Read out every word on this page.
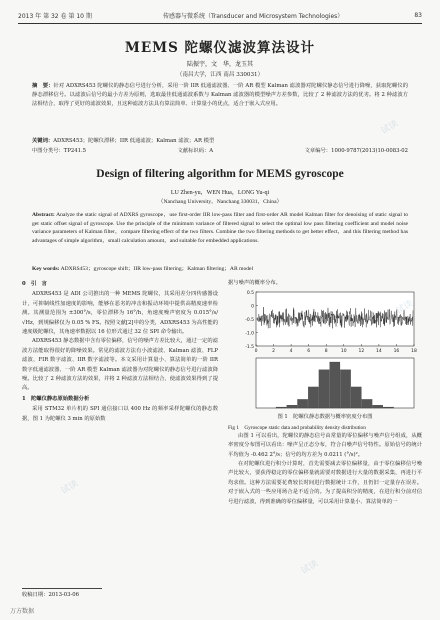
2013 年 第 32 卷 第 10 期	传感器与微系统（Transducer and Microsystem Technologies）	83
MEMS 陀螺仪滤波算法设计
陆振宇，文　华，龙玉其
（南昌大学，江西 南昌 330031）
摘　要：针对 ADXRS453 陀螺仪的静态信号进行分析，采用一阶 IIR 低通滤波器、一阶 AR 模型 Kalman 滤波器对陀螺仪静态信号进行降噪，获取陀螺仪的静态漂移信号。以滤波后信号的最小方差为原则，选取最佳低通滤波系数与 Kalman 滤波器的模型噪声方差参数，比较了 2 种滤波方法的优劣。将 2 种滤波方法相结合，取得了更好的滤波效果，且这种滤波方法具有算法简单、计算量小的优点，适合于嵌入式应用。
关键词：ADXRS453；陀螺仪漂移；IIR 低通滤波；Kalman 滤波；AR 模型
中图分类号：TP241.5	文献标识码：A	文章编号：1000-9787(2013)10-0083-02
Design of filtering algorithm for MEMS gyroscope
LU Zhen-yu，WEN Hua，LONG Yu-qi
（Nanchang University，Nanchang 330031，China）
Abstract: Analyze the static signal of ADXRS gyroscope，use first-order IIR low-pass filter and first-order AR model Kalman filter for denoising of static signal to get static offset signal of gyroscope. Use the principle of the minimum variance of filtered signal to select the optimal low pass filtering coefficient and model noise variance parameters of Kalman filter，compare filtering effect of the two filters. Combine the two filtering methods to get better effect，and this filtering method has advantages of simple algorithm，small calculation amount，and suitable for embedded applications.
Key words: ADXRS453；gyroscope shift；IIR low-pass filtering；Kalman filtering；AR model
0　引　言

ADXRS453 是 ADI 公司推出的一种 MEMS 陀螺仪，其采用差分四传感器设计，可抑制线性加速度的影响，能够在恶劣的冲击和振动环境中提供高精度速率检测。其测量范围为 ±300°/s，零位漂移为 16°/h，角速度噪声密度为 0.015°/s/√Hz，到规偏移仅为 0.05 % FS。按照文献[2]中的分类，ADXRS453 为高性能的速度级陀螺仪，其角速率数据以 16 位形式通过 32 位 SPI 命令输出。

ADXRS453 静态数据中含有零位偏移，信号的噪声方差比较大，通过一定的滤波方法能取得很好的降噪效果。常见的滤波方法有小波滤波、Kalman 滤波、FLP 滤波、FIR 数字滤波、IIR 数字滤波等。本文采用计算量小、算法简单的一阶 IIR 数字低通滤波器、一阶 AR 模型 Kalman 滤波器为对陀螺仪的静态信号进行滤波降噪。比较了 2 种滤波方法的效果，并将 2 种滤波方法相结合，使滤波效果得到了提高。

1　陀螺仪静态原始数据分析

采用 STM32 单片机的 SPI 通信接口以 400 Hz 的频率采样陀螺仪的静态数据，图 1 为陀螺仪 3 min 的原始数

据与噪声的概率分布。
0.5
0
-0.5
-1.0
-1.5
0	2	4	6	8	10	12	14	16	18
图 1　陀螺仪静态数据与概率密度分布图
Fig 1　Gyroscope static data and probability density distribution

由图 1 可以看出，陀螺仪的静态信号由常量的零位偏移与噪声信号组成，从概率密度分布图可以看出：噪声呈正态分布，符合白噪声信号特性。原始信号的统计平均值为 -0.462 2°/s；信号的均方差为 0.0211 (°/s)²。

在对陀螺仪进行积分计算时，首先需要减去零位偏移量，由于零位偏移信号噪声比较大，要获得稳定的零位偏移量就需要对数据进行大量的数据采集，再进行平均求值。这种方法需要花费较长时间进行数据统计工作，且仍旧一定量存在误差。对于嵌入式的一些应用场合是不适合的。为了提高积分的精度，在进行积分前对信号进行滤波，得到准确的零位偏移量，可以采用计算量小、算法简单的一

收稿日期：2013-03-06
万方数据
试读
试读
试读
试读
